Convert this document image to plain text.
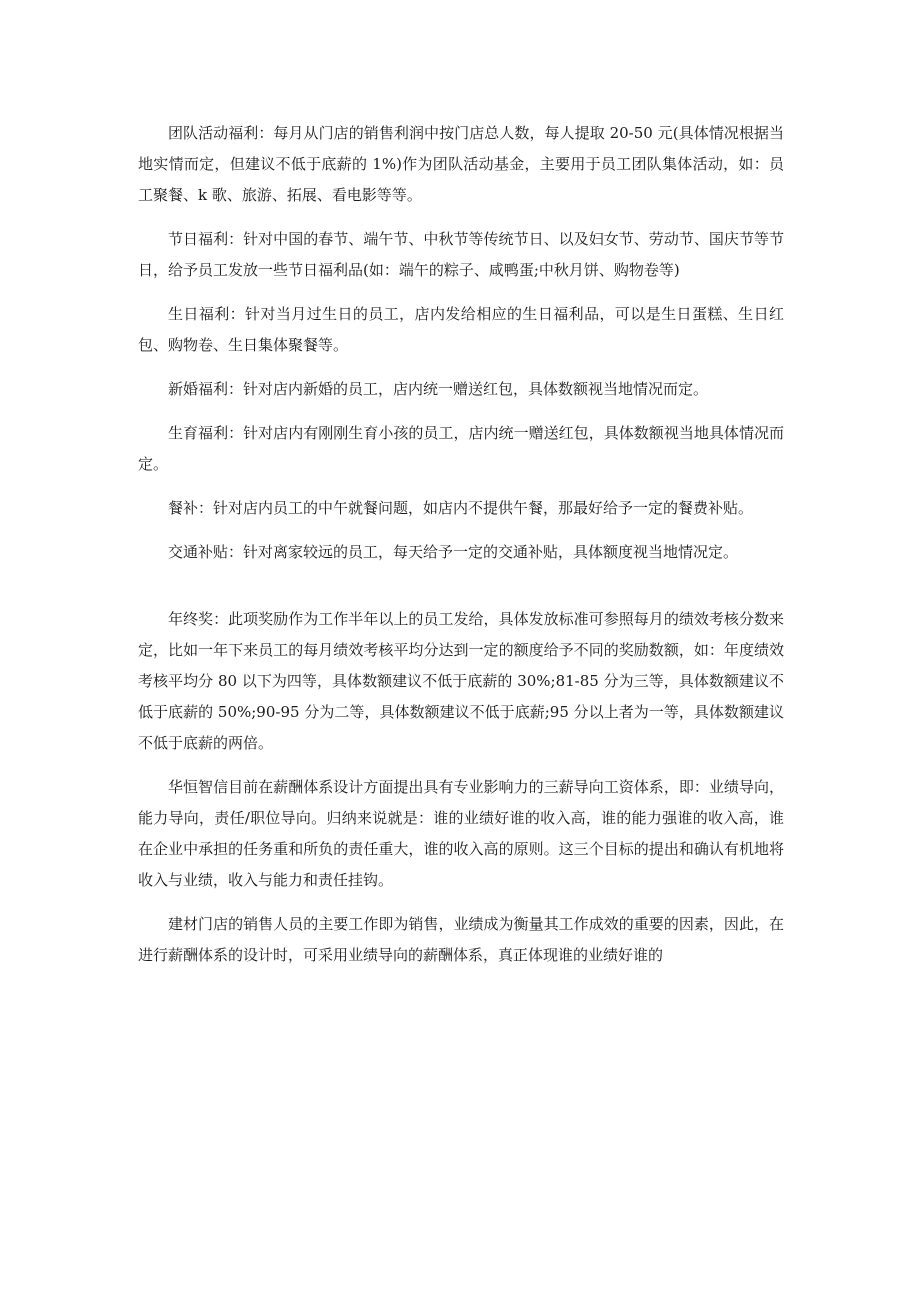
团队活动福利：每月从门店的销售利润中按门店总人数，每人提取 20-50 元(具体情况根据当地实情而定，但建议不低于底薪的 1%)作为团队活动基金，主要用于员工团队集体活动，如：员工聚餐、k 歌、旅游、拓展、看电影等等。

节日福利：针对中国的春节、端午节、中秋节等传统节日、以及妇女节、劳动节、国庆节等节日，给予员工发放一些节日福利品(如：端午的粽子、咸鸭蛋;中秋月饼、购物卷等)

生日福利：针对当月过生日的员工，店内发给相应的生日福利品，可以是生日蛋糕、生日红包、购物卷、生日集体聚餐等。

新婚福利：针对店内新婚的员工，店内统一赠送红包，具体数额视当地情况而定。

生育福利：针对店内有刚刚生育小孩的员工，店内统一赠送红包，具体数额视当地具体情况而定。

餐补：针对店内员工的中午就餐问题，如店内不提供午餐，那最好给予一定的餐费补贴。

交通补贴：针对离家较远的员工，每天给予一定的交通补贴，具体额度视当地情况定。

年终奖：此项奖励作为工作半年以上的员工发给，具体发放标准可参照每月的绩效考核分数来定，比如一年下来员工的每月绩效考核平均分达到一定的额度给予不同的奖励数额，如：年度绩效考核平均分 80 以下为四等，具体数额建议不低于底薪的 30%;81-85 分为三等，具体数额建议不低于底薪的 50%;90-95 分为二等，具体数额建议不低于底薪;95 分以上者为一等，具体数额建议不低于底薪的两倍。

华恒智信目前在薪酬体系设计方面提出具有专业影响力的三薪导向工资体系，即：业绩导向，能力导向，责任/职位导向。归纳来说就是：谁的业绩好谁的收入高，谁的能力强谁的收入高，谁在企业中承担的任务重和所负的责任重大，谁的收入高的原则。这三个目标的提出和确认有机地将收入与业绩，收入与能力和责任挂钩。

建材门店的销售人员的主要工作即为销售，业绩成为衡量其工作成效的重要的因素，因此，在进行薪酬体系的设计时，可采用业绩导向的薪酬体系，真正体现谁的业绩好谁的
